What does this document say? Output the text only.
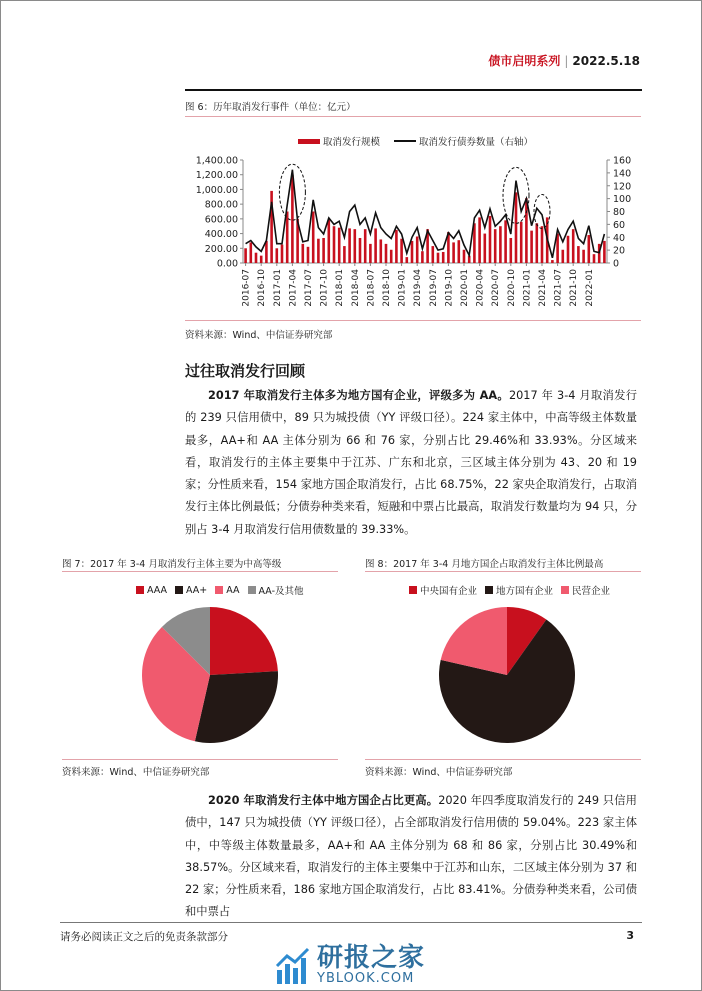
债市启明系列 | 2022.5.18
图 6：历年取消发行事件（单位：亿元）
取消发行规模	取消发行债券数量（右轴）
0.00
200.00
400.00
600.00
800.00
1,000.00
1,200.00
1,400.00
0
20
40
60
80
100
120
140
160
2016-07 2016-10 2017-01 2017-04 2017-07 2017-10 2018-01 2018-04 2018-07 2018-10 2019-01 2019-04 2019-07 2019-10 2020-01 2020-04 2020-07 2020-10 2021-01 2021-04 2021-07 2021-10 2022-01
资料来源：Wind、中信证券研究部
过往取消发行回顾
2017 年取消发行主体多为地方国有企业，评级多为 AA。2017 年 3-4 月取消发行的 239 只信用债中，89 只为城投债（YY 评级口径）。224 家主体中，中高等级主体数量最多，AA+和 AA 主体分别为 66 和 76 家，分别占比 29.46%和 33.93%。分区域来看，取消发行的主体主要集中于江苏、广东和北京，三区域主体分别为 43、20 和 19 家；分性质来看，154 家地方国企取消发行，占比 68.75%，22 家央企取消发行，占取消发行主体比例最低；分债券种类来看，短融和中票占比最高，取消发行数量均为 94 只，分别占 3-4 月取消发行信用债数量的 39.33%。
图 7：2017 年 3-4 月取消发行主体主要为中高等级
AAA AA+ AA AA-及其他
资料来源：Wind、中信证券研究部
图 8：2017 年 3-4 月地方国企占取消发行主体比例最高
中央国有企业 地方国有企业 民营企业
资料来源：Wind、中信证券研究部
2020 年取消发行主体中地方国企占比更高。2020 年四季度取消发行的 249 只信用债中，147 只为城投债（YY 评级口径），占全部取消发行信用债的 59.04%。223 家主体中，中等级主体数量最多，AA+和 AA 主体分别为 68 和 86 家，分别占比 30.49%和 38.57%。分区域来看，取消发行的主体主要集中于江苏和山东，二区域主体分别为 37 和 22 家；分性质来看，186 家地方国企取消发行，占比 83.41%。分债券种类来看，公司债和中票占
请务必阅读正文之后的免责条款部分	3
研报之家
YBLOOK.COM
